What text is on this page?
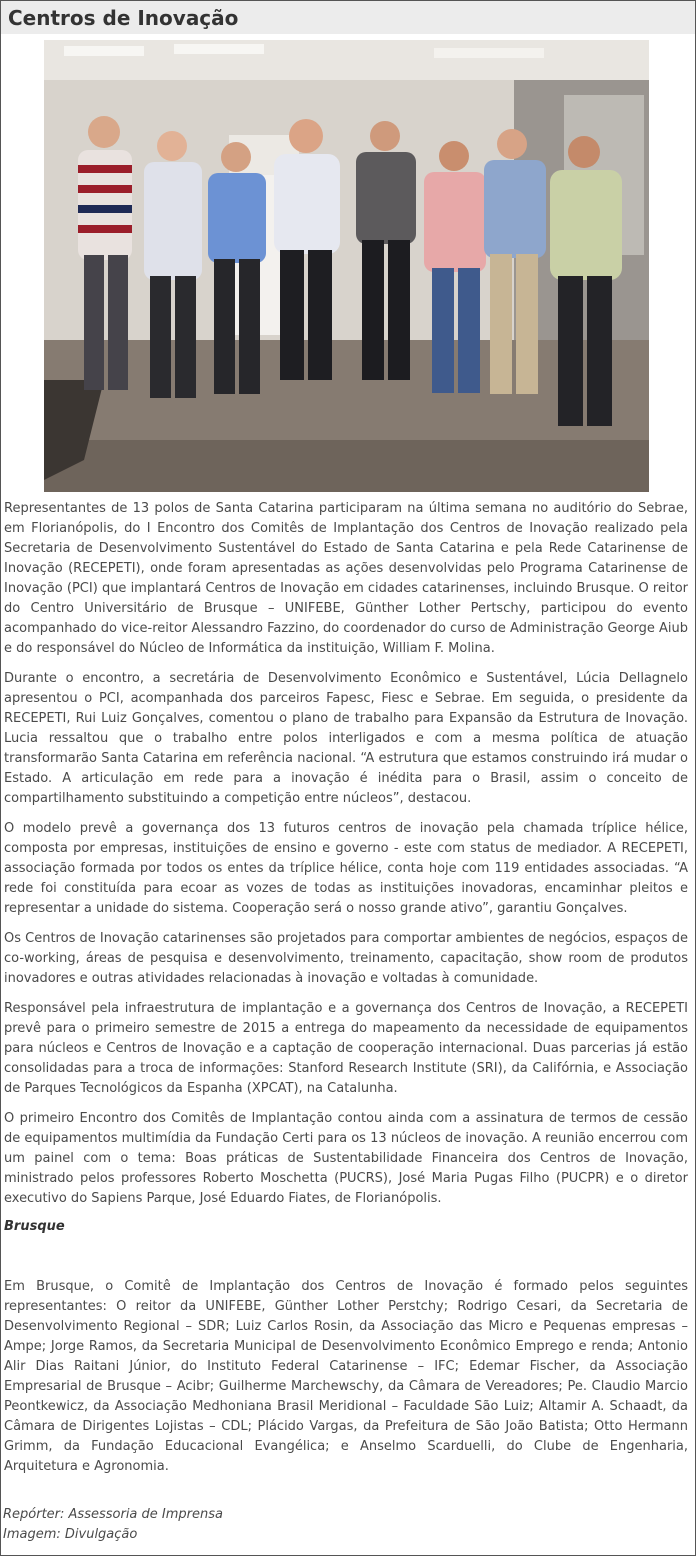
Centros de Inovação

Representantes de 13 polos de Santa Catarina participaram na última semana no auditório do Sebrae, em Florianópolis, do I Encontro dos Comitês de Implantação dos Centros de Inovação realizado pela Secretaria de Desenvolvimento Sustentável do Estado de Santa Catarina e pela Rede Catarinense de Inovação (RECEPETI), onde foram apresentadas as ações desenvolvidas pelo Programa Catarinense de Inovação (PCI) que implantará Centros de Inovação em cidades catarinenses, incluindo Brusque. O reitor do Centro Universitário de Brusque – UNIFEBE, Günther Lother Pertschy, participou do evento acompanhado do vice-reitor Alessandro Fazzino, do coordenador do curso de Administração George Aiub e do responsável do Núcleo de Informática da instituição, William F. Molina.

Durante o encontro, a secretária de Desenvolvimento Econômico e Sustentável, Lúcia Dellagnelo apresentou o PCI, acompanhada dos parceiros Fapesc, Fiesc e Sebrae. Em seguida, o presidente da RECEPETI, Rui Luiz Gonçalves, comentou o plano de trabalho para Expansão da Estrutura de Inovação. Lucia ressaltou que o trabalho entre polos interligados e com a mesma política de atuação transformarão Santa Catarina em referência nacional. “A estrutura que estamos construindo irá mudar o Estado. A articulação em rede para a inovação é inédita para o Brasil, assim o conceito de compartilhamento substituindo a competição entre núcleos”, destacou.

O modelo prevê a governança dos 13 futuros centros de inovação pela chamada tríplice hélice, composta por empresas, instituições de ensino e governo - este com status de mediador. A RECEPETI, associação formada por todos os entes da tríplice hélice, conta hoje com 119 entidades associadas. “A rede foi constituída para ecoar as vozes de todas as instituições inovadoras, encaminhar pleitos e representar a unidade do sistema. Cooperação será o nosso grande ativo”, garantiu Gonçalves.

Os Centros de Inovação catarinenses são projetados para comportar ambientes de negócios, espaços de co-working, áreas de pesquisa e desenvolvimento, treinamento, capacitação, show room de produtos inovadores e outras atividades relacionadas à inovação e voltadas à comunidade.

Responsável pela infraestrutura de implantação e a governança dos Centros de Inovação, a RECEPETI prevê para o primeiro semestre de 2015 a entrega do mapeamento da necessidade de equipamentos para núcleos e Centros de Inovação e a captação de cooperação internacional. Duas parcerias já estão consolidadas para a troca de informações: Stanford Research Institute (SRI), da Califórnia, e Associação de Parques Tecnológicos da Espanha (XPCAT), na Catalunha.

O primeiro Encontro dos Comitês de Implantação contou ainda com a assinatura de termos de cessão de equipamentos multimídia da Fundação Certi para os 13 núcleos de inovação. A reunião encerrou com um painel com o tema: Boas práticas de Sustentabilidade Financeira dos Centros de Inovação, ministrado pelos professores Roberto Moschetta (PUCRS), José Maria Pugas Filho (PUCPR) e o diretor executivo do Sapiens Parque, José Eduardo Fiates, de Florianópolis.

Brusque

Em Brusque, o Comitê de Implantação dos Centros de Inovação é formado pelos seguintes representantes: O reitor da UNIFEBE, Günther Lother Perstchy; Rodrigo Cesari, da Secretaria de Desenvolvimento Regional – SDR; Luiz Carlos Rosin, da Associação das Micro e Pequenas empresas – Ampe; Jorge Ramos, da Secretaria Municipal de Desenvolvimento Econômico Emprego e renda; Antonio Alir Dias Raitani Júnior, do Instituto Federal Catarinense – IFC; Edemar Fischer, da Associação Empresarial de Brusque – Acibr; Guilherme Marchewschy, da Câmara de Vereadores; Pe. Claudio Marcio Peontkewicz, da Associação Medhoniana Brasil Meridional – Faculdade São Luiz; Altamir A. Schaadt, da Câmara de Dirigentes Lojistas – CDL; Plácido Vargas, da Prefeitura de São João Batista; Otto Hermann Grimm, da Fundação Educacional Evangélica; e Anselmo Scarduelli, do Clube de Engenharia, Arquitetura e Agronomia.

Repórter: Assessoria de Imprensa
Imagem: Divulgação
